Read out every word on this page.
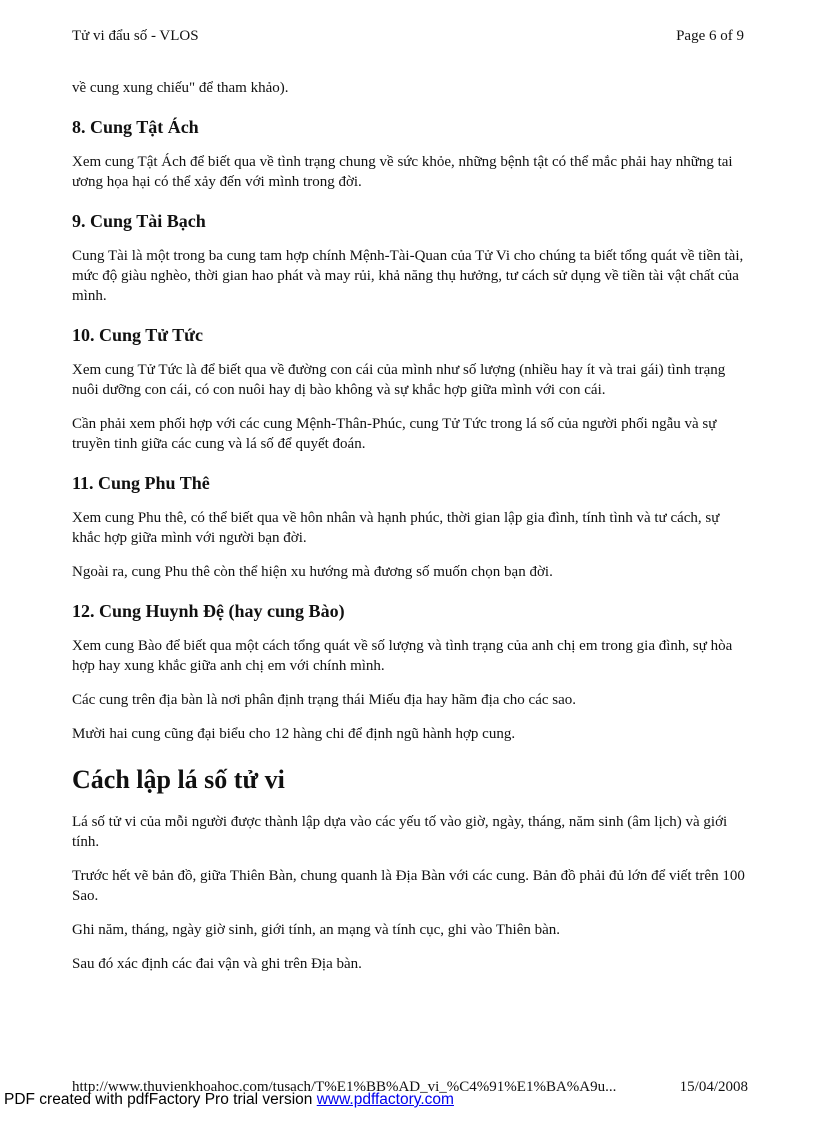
Tử vi đẩu số - VLOS	Page 6 of 9

về cung xung chiếu" để tham khảo).

8. Cung Tật Ách

Xem cung Tật Ách để biết qua về tình trạng chung về sức khỏe, những bệnh tật có thể mắc phải hay những tai ương họa hại có thể xảy đến với mình trong đời.

9. Cung Tài Bạch

Cung Tài là một trong ba cung tam hợp chính Mệnh-Tài-Quan của Tử Vi cho chúng ta biết tổng quát về tiền tài, mức độ giàu nghèo, thời gian hao phát và may rủi, khả năng thụ hưởng, tư cách sử dụng về tiền tài vật chất của mình.

10. Cung Tử Tức

Xem cung Tử Tức là để biết qua về đường con cái của mình như số lượng (nhiều hay ít và trai gái) tình trạng nuôi dưỡng con cái, có con nuôi hay dị bào không và sự khắc hợp giữa mình với con cái.

Cần phải xem phối hợp với các cung Mệnh-Thân-Phúc, cung Tử Tức trong lá số của người phối ngẫu và sự truyền tinh giữa các cung và lá số để quyết đoán.

11. Cung Phu Thê

Xem cung Phu thê, có thể biết qua về hôn nhân và hạnh phúc, thời gian lập gia đình, tính tình và tư cách, sự khắc hợp giữa mình với người bạn đời.

Ngoài ra, cung Phu thê còn thể hiện xu hướng mà đương số muốn chọn bạn đời.

12. Cung Huynh Đệ (hay cung Bào)

Xem cung Bào để biết qua một cách tổng quát về số lượng và tình trạng của anh chị em trong gia đình, sự hòa hợp hay xung khắc giữa anh chị em với chính mình.

Các cung trên địa bàn là nơi phân định trạng thái Miếu địa hay hãm địa cho các sao.

Mười hai cung cũng đại biểu cho 12 hàng chi để định ngũ hành hợp cung.

Cách lập lá số tử vi

Lá số tử vi của mỗi người được thành lập dựa vào các yếu tố vào giờ, ngày, tháng, năm sinh (âm lịch) và giới tính.

Trước hết vẽ bản đồ, giữa Thiên Bàn, chung quanh là Địa Bàn với các cung. Bản đồ phải đủ lớn để viết trên 100 Sao.

Ghi năm, tháng, ngày giờ sinh, giới tính, an mạng và tính cục, ghi vào Thiên bàn.

Sau đó xác định các đai vận và ghi trên Địa bàn.

http://www.thuvienkhoahoc.com/tusach/T%E1%BB%AD_vi_%C4%91%E1%BA%A9u...	15/04/2008
PDF created with pdfFactory Pro trial version www.pdffactory.com
